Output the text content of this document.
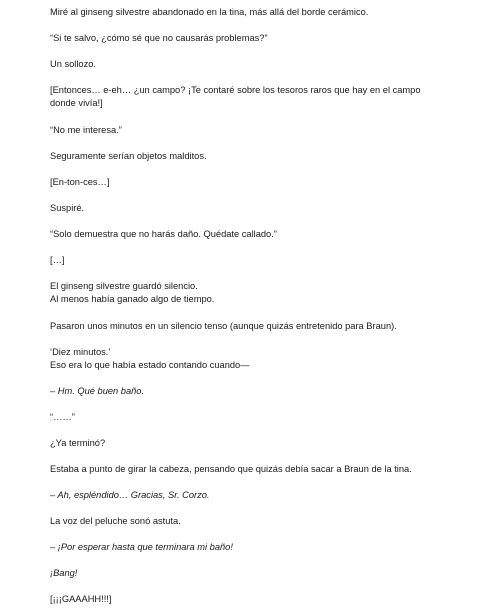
Miré al ginseng silvestre abandonado en la tina, más allá del borde cerámico.

“Si te salvo, ¿cómo sé que no causarás problemas?”

Un sollozo.

[Entonces… e-eh… ¿un campo? ¡Te contaré sobre los tesoros raros que hay en el campo
donde vivía!]

“No me interesa.”

Seguramente serían objetos malditos.

[En-ton-ces…]

Suspiré.

“Solo demuestra que no harás daño. Quédate callado.”

[…]

El ginseng silvestre guardó silencio.
Al menos había ganado algo de tiempo.

Pasaron unos minutos en un silencio tenso (aunque quizás entretenido para Braun).

‘Diez minutos.’
Eso era lo que había estado contando cuando—

– Hm. Qué buen baño.

“……”

¿Ya terminó?

Estaba a punto de girar la cabeza, pensando que quizás debía sacar a Braun de la tina.

– Ah, espléndido… Gracias, Sr. Corzo.

La voz del peluche sonó astuta.

– ¡Por esperar hasta que terminara mi baño!

¡Bang!

[¡¡¡GAAAHH!!!]
